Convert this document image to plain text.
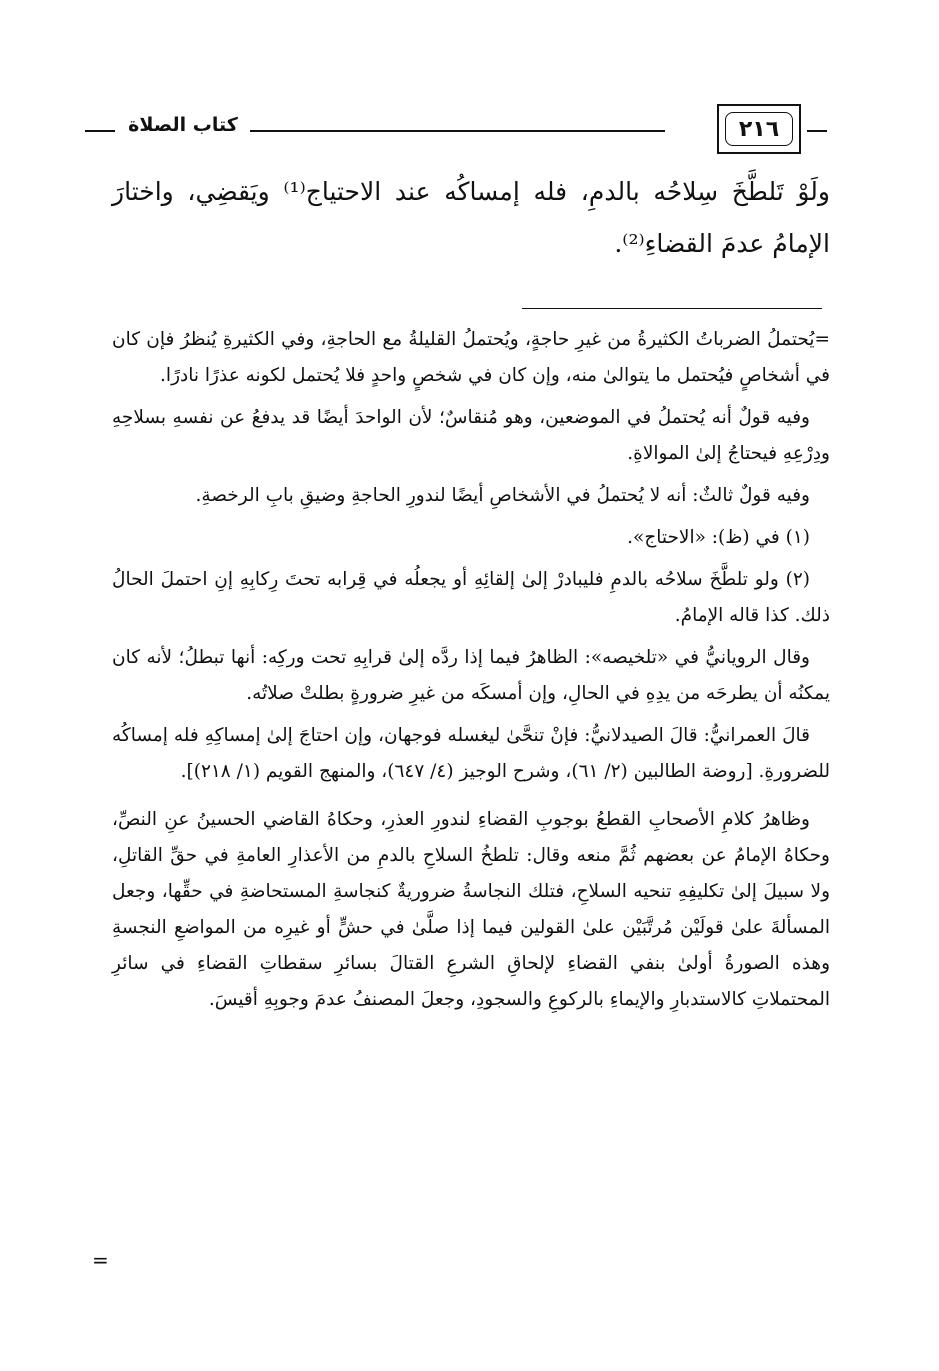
كتاب الصلاة	٢١٦

ولَوْ تَلطَّخَ سِلاحُه بالدمِ، فله إمساكُه عند الاحتياج⁽¹⁾ ويَقضِي، واختارَ الإمامُ عدمَ القضاءِ⁽²⁾.

=يُحتملُ الضرباتُ الكثيرةُ من غيرِ حاجةٍ، ويُحتملُ القليلةُ مع الحاجةِ، وفي الكثيرةِ يُنظرُ فإن كان في أشخاصٍ فيُحتمل ما يتوالىٰ منه، وإن كان في شخصٍ واحدٍ فلا يُحتمل لكونه عذرًا نادرًا.

وفيه قولٌ أنه يُحتملُ في الموضعين، وهو مُنقاسٌ؛ لأن الواحدَ أيضًا قد يدفعُ عن نفسهِ بسلاحِهِ ودِرْعِهِ فيحتاجُ إلىٰ الموالاةِ.

وفيه قولٌ ثالثٌ: أنه لا يُحتملُ في الأشخاصِ أيضًا لندورِ الحاجةِ وضيقِ بابِ الرخصةِ.

(١) في (ظ): «الاحتاج».

(٢) ولو تلطَّخَ سلاحُه بالدمِ فليبادرْ إلىٰ إلقائِهِ أو يجعلُه في قِرابه تحتَ رِكابِهِ إنِ احتملَ الحالُ ذلك. كذا قاله الإمامُ.

وقال الرويانيُّ في «تلخيصه»: الظاهرُ فيما إذا ردَّه إلىٰ قرابِهِ تحت وركِه: أنها تبطلُ؛ لأنه كان يمكنُه أن يطرحَه من يدِهِ في الحالِ، وإن أمسكَه من غيرِ ضرورةٍ بطلتْ صلاتُه.

قالَ العمرانيُّ: قالَ الصيدلانيُّ: فإنْ تنحَّىٰ ليغسله فوجهان، وإن احتاجَ إلىٰ إمساكِهِ فله إمساكُه للضرورةِ. [روضة الطالبين (٢/ ٦١)، وشرح الوجيز (٤/ ٦٤٧)، والمنهج القويم (١/ ٢١٨)].

وظاهرُ كلامِ الأصحابِ القطعُ بوجوبِ القضاءِ لندورِ العذرِ، وحكاهُ القاضي الحسينُ عنِ النصِّ، وحكاهُ الإمامُ عن بعضهم ثُمَّ منعه وقال: تلطخُ السلاحِ بالدمِ من الأعذارِ العامةِ في حقِّ القاتلِ، ولا سبيلَ إلىٰ تكليفِهِ تنحيه السلاحِ، فتلك النجاسةُ ضروريةٌ كنجاسةِ المستحاضةِ في حقِّها، وجعل المسألةَ علىٰ قولَيْن مُرتَّبَيْن علىٰ القولين فيما إذا صلَّىٰ في حشٍّ أو غيرِه من المواضعِ النجسةِ وهذه الصورةُ أولىٰ بنفي القضاءِ لإلحاقِ الشرعِ القتالَ بسائرِ سقطاتِ القضاءِ في سائرِ المحتملاتِ كالاستدبارِ والإيماءِ بالركوعِ والسجودِ، وجعلَ المصنفُ عدمَ وجوبِهِ أقيسَ.

=
